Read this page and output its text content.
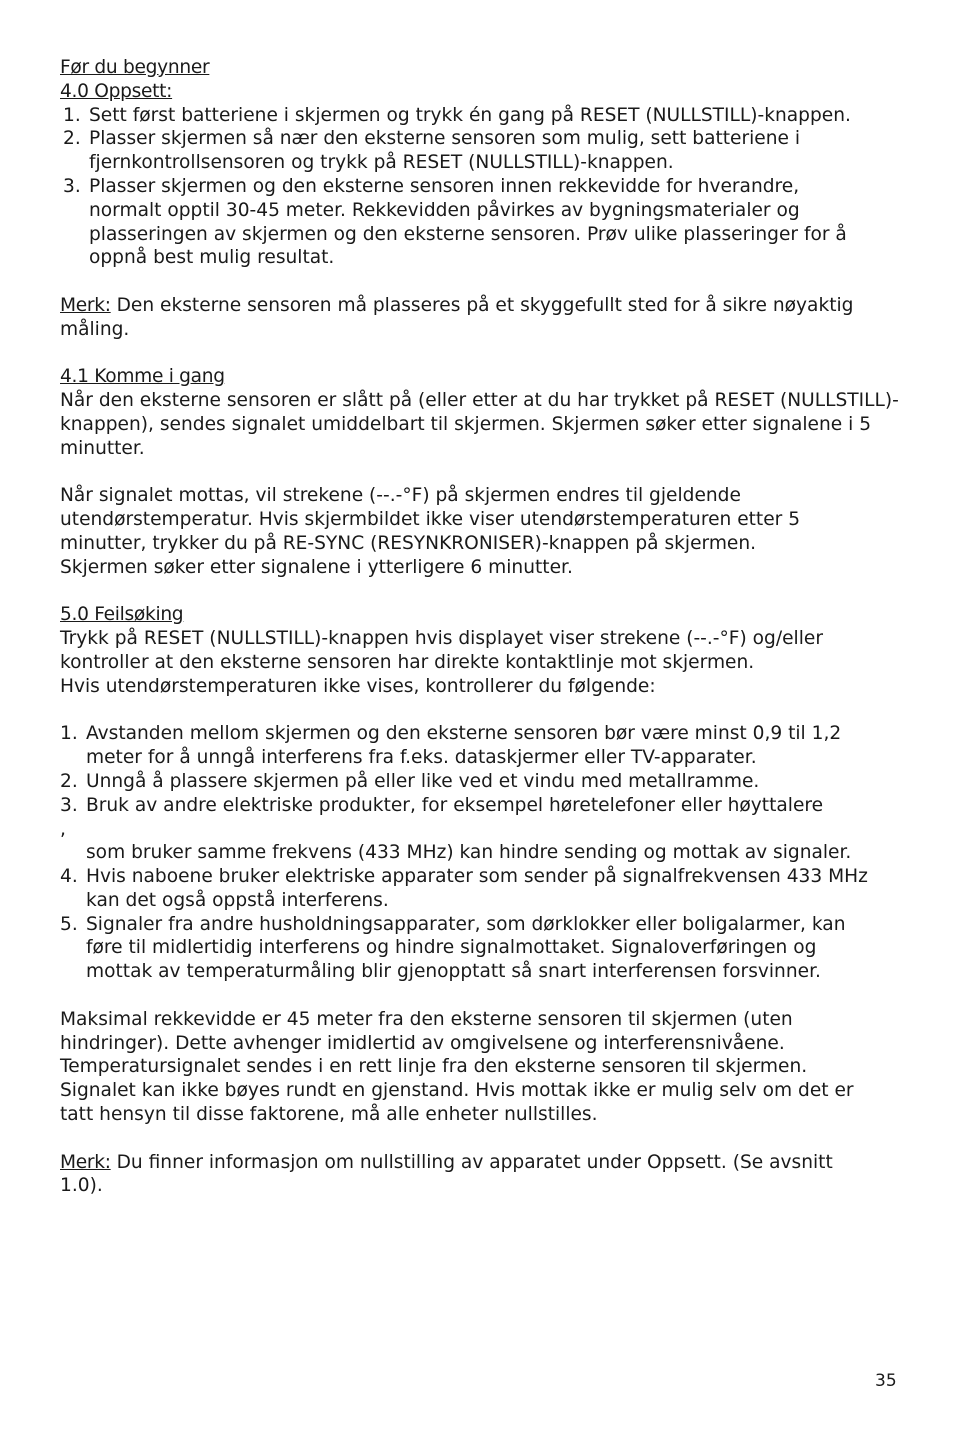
Før du begynner
4.0 Oppsett:
1. Sett først batteriene i skjermen og trykk én gang på RESET (NULLSTILL)-knappen.
2. Plasser skjermen så nær den eksterne sensoren som mulig, sett batteriene i fjernkontrollsensoren og trykk på RESET (NULLSTILL)-knappen.
3. Plasser skjermen og den eksterne sensoren innen rekkevidde for hverandre, normalt opptil 30-45 meter. Rekkevidden påvirkes av bygningsmaterialer og plasseringen av skjermen og den eksterne sensoren. Prøv ulike plasseringer for å oppnå best mulig resultat.

Merk: Den eksterne sensoren må plasseres på et skyggefullt sted for å sikre nøyaktig måling.

4.1 Komme i gang

Når den eksterne sensoren er slått på (eller etter at du har trykket på RESET (NULLSTILL)-knappen), sendes signalet umiddelbart til skjermen. Skjermen søker etter signalene i 5 minutter.

Når signalet mottas, vil strekene (--.-°F) på skjermen endres til gjeldende utendørstemperatur. Hvis skjermbildet ikke viser utendørstemperaturen etter 5 minutter, trykker du på RE-SYNC (RESYNKRONISER)-knappen på skjermen. Skjermen søker etter signalene i ytterligere 6 minutter.

5.0 Feilsøking

Trykk på RESET (NULLSTILL)-knappen hvis displayet viser strekene (--.-°F) og/eller kontroller at den eksterne sensoren har direkte kontaktlinje mot skjermen.

Hvis utendørstemperaturen ikke vises, kontrollerer du følgende:

1. Avstanden mellom skjermen og den eksterne sensoren bør være minst 0,9 til 1,2 meter for å unngå interferens fra f.eks. dataskjermer eller TV-apparater.
2. Unngå å plassere skjermen på eller like ved et vindu med metallramme.
3. Bruk av andre elektriske produkter, for eksempel høretelefoner eller høyttalere
,
som bruker samme frekvens (433 MHz) kan hindre sending og mottak av signaler.
4. Hvis naboene bruker elektriske apparater som sender på signalfrekvensen 433 MHz kan det også oppstå interferens.
5. Signaler fra andre husholdningsapparater, som dørklokker eller boligalarmer, kan føre til midlertidig interferens og hindre signalmottaket. Signaloverføringen og mottak av temperaturmåling blir gjenopptatt så snart interferensen forsvinner.

Maksimal rekkevidde er 45 meter fra den eksterne sensoren til skjermen (uten hindringer). Dette avhenger imidlertid av omgivelsene og interferensnivåene. Temperatursignalet sendes i en rett linje fra den eksterne sensoren til skjermen. Signalet kan ikke bøyes rundt en gjenstand. Hvis mottak ikke er mulig selv om det er tatt hensyn til disse faktorene, må alle enheter nullstilles.

Merk: Du finner informasjon om nullstilling av apparatet under Oppsett. (Se avsnitt 1.0).

35
